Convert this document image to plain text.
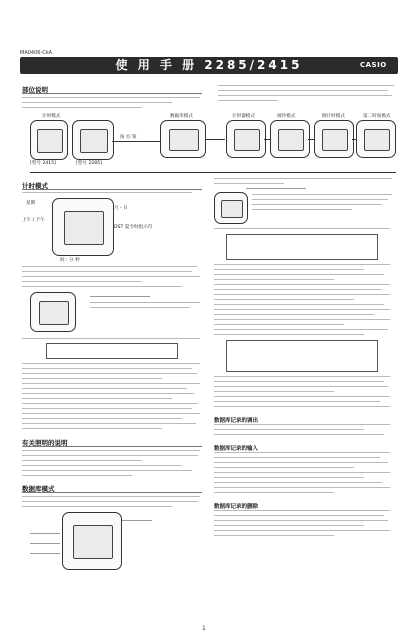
MA0406-CkA
使 用 手 册 2285/2415	CASIO
部位说明
计时模式	数据库模式	计时器模式	闹铃模式	倒计时模式	第二时间模式
[型号 2415]	[型号 2285]
按 Ⓑ 钮
计时模式
星期
月 - 日
上午 / 下午
DST 夏令时指示符
时 : 分 秒
有关照明的说明
数据库模式
数据库记录的调出
数据库记录的输入
数据库记录的删除
1
